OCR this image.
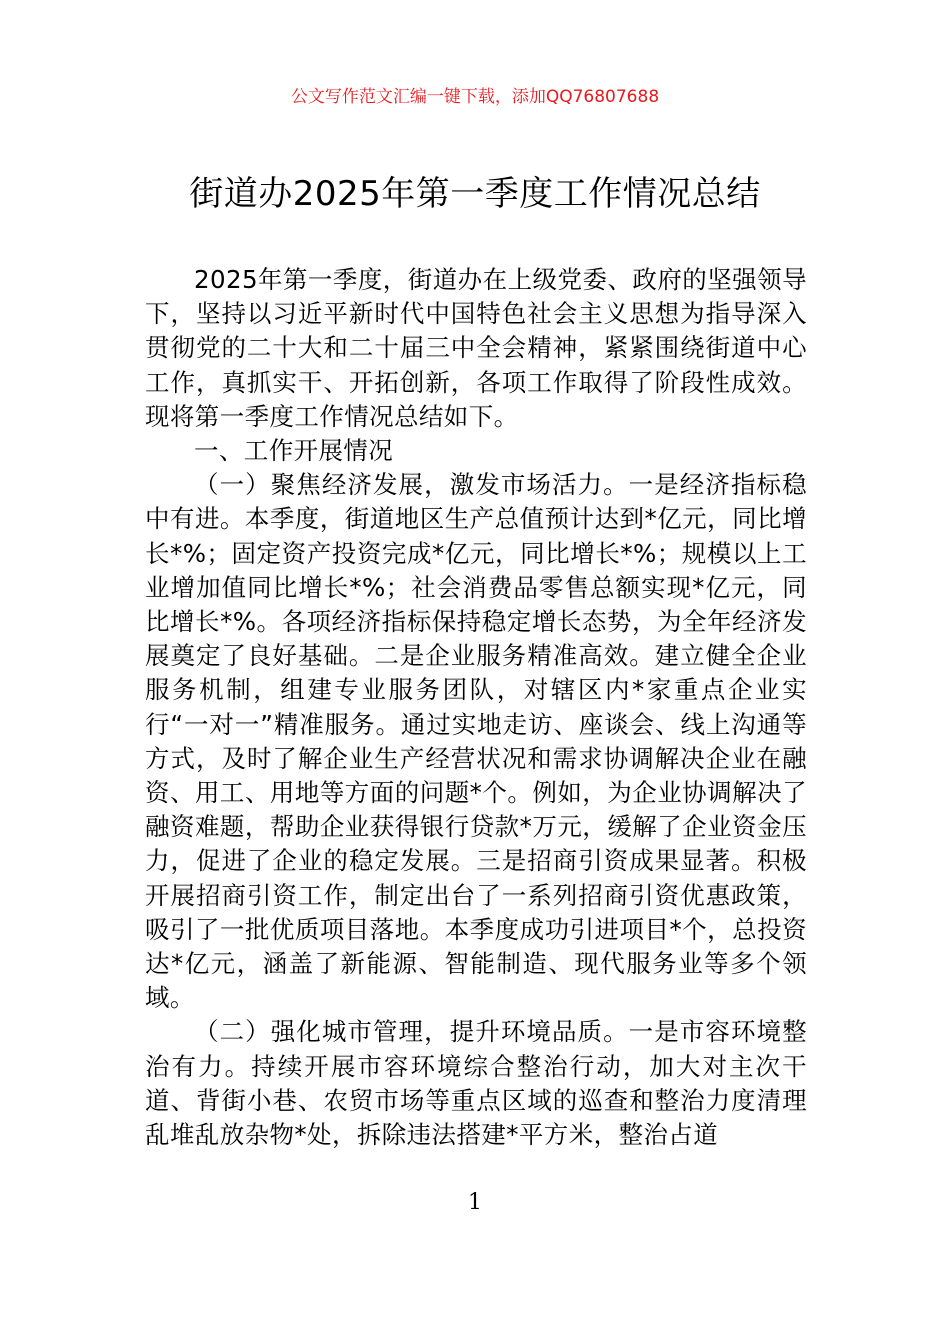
公文写作范文汇编一键下载，添加QQ76807688
街道办2025年第一季度工作情况总结

2025年第一季度，街道办在上级党委、政府的坚强领导下，坚持以习近平新时代中国特色社会主义思想为指导深入贯彻党的二十大和二十届三中全会精神，紧紧围绕街道中心工作，真抓实干、开拓创新，各项工作取得了阶段性成效。现将第一季度工作情况总结如下。

一、工作开展情况

（一）聚焦经济发展，激发市场活力。一是经济指标稳中有进。本季度，街道地区生产总值预计达到*亿元，同比增长*%；固定资产投资完成*亿元，同比增长*%；规模以上工业增加值同比增长*%；社会消费品零售总额实现*亿元，同比增长*%。各项经济指标保持稳定增长态势，为全年经济发展奠定了良好基础。二是企业服务精准高效。建立健全企业服务机制，组建专业服务团队，对辖区内*家重点企业实行“一对一”精准服务。通过实地走访、座谈会、线上沟通等方式，及时了解企业生产经营状况和需求协调解决企业在融资、用工、用地等方面的问题*个。例如，为企业协调解决了融资难题，帮助企业获得银行贷款*万元，缓解了企业资金压力，促进了企业的稳定发展。三是招商引资成果显著。积极开展招商引资工作，制定出台了一系列招商引资优惠政策，吸引了一批优质项目落地。本季度成功引进项目*个，总投资达*亿元，涵盖了新能源、智能制造、现代服务业等多个领域。

（二）强化城市管理，提升环境品质。一是市容环境整治有力。持续开展市容环境综合整治行动，加大对主次干道、背街小巷、农贸市场等重点区域的巡查和整治力度清理乱堆乱放杂物*处，拆除违法搭建*平方米，整治占道

1
